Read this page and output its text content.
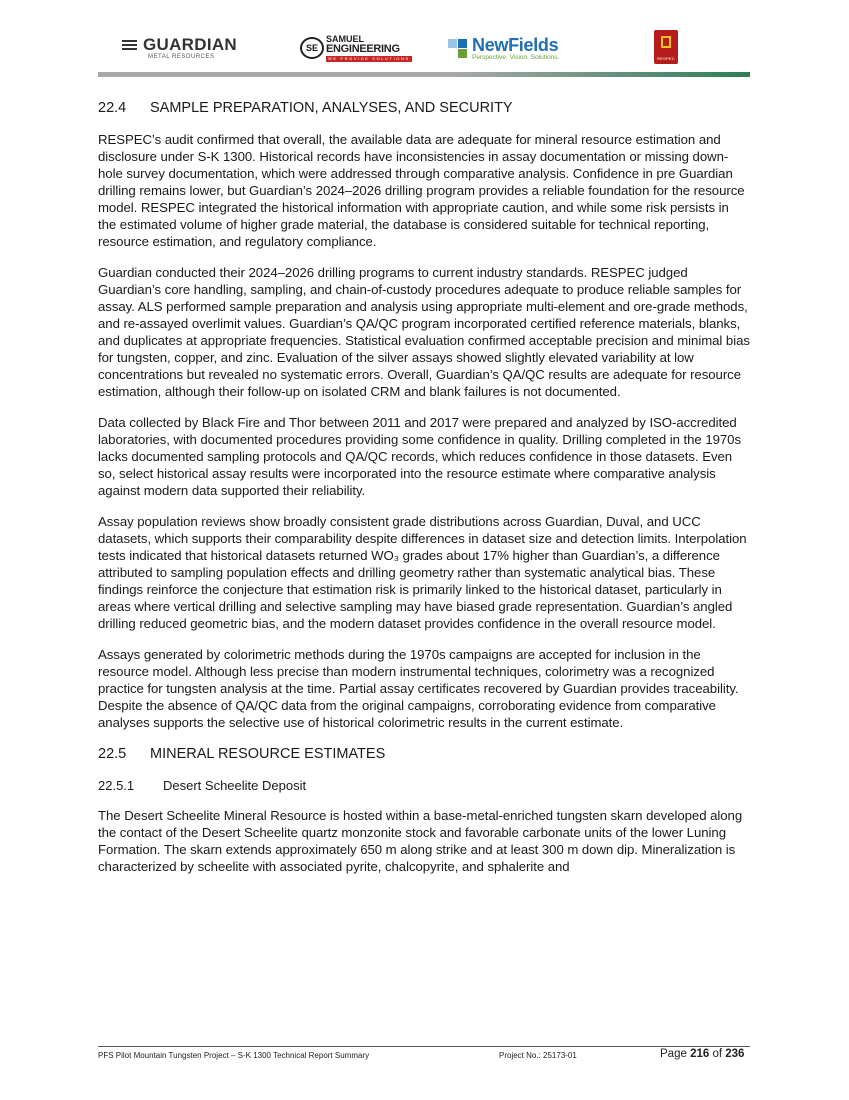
GUARDIAN
METAL RESOURCES
SE
SAMUEL
ENGINEERING
WE PROVIDE SOLUTIONS
NewFields
Perspective. Vision. Solutions.	RESPEC
22.4 SAMPLE PREPARATION, ANALYSES, AND SECURITY

RESPEC’s audit confirmed that overall, the available data are adequate for mineral resource estimation and disclosure under S-K 1300. Historical records have inconsistencies in assay documentation or missing down-hole survey documentation, which were addressed through comparative analysis. Confidence in pre Guardian drilling remains lower, but Guardian’s 2024–2026 drilling program provides a reliable foundation for the resource model. RESPEC integrated the historical information with appropriate caution, and while some risk persists in the estimated volume of higher grade material, the database is considered suitable for technical reporting, resource estimation, and regulatory compliance.

Guardian conducted their 2024–2026 drilling programs to current industry standards. RESPEC judged Guardian’s core handling, sampling, and chain-of-custody procedures adequate to produce reliable samples for assay. ALS performed sample preparation and analysis using appropriate multi-element and ore-grade methods, and re-assayed overlimit values. Guardian’s QA/QC program incorporated certified reference materials, blanks, and duplicates at appropriate frequencies. Statistical evaluation confirmed acceptable precision and minimal bias for tungsten, copper, and zinc. Evaluation of the silver assays showed slightly elevated variability at low concentrations but revealed no systematic errors. Overall, Guardian’s QA/QC results are adequate for resource estimation, although their follow-up on isolated CRM and blank failures is not documented.

Data collected by Black Fire and Thor between 2011 and 2017 were prepared and analyzed by ISO-accredited laboratories, with documented procedures providing some confidence in quality. Drilling completed in the 1970s lacks documented sampling protocols and QA/QC records, which reduces confidence in those datasets. Even so, select historical assay results were incorporated into the resource estimate where comparative analysis against modern data supported their reliability.

Assay population reviews show broadly consistent grade distributions across Guardian, Duval, and UCC datasets, which supports their comparability despite differences in dataset size and detection limits. Interpolation tests indicated that historical datasets returned WO₃ grades about 17% higher than Guardian’s, a difference attributed to sampling population effects and drilling geometry rather than systematic analytical bias. These findings reinforce the conjecture that estimation risk is primarily linked to the historical dataset, particularly in areas where vertical drilling and selective sampling may have biased grade representation. Guardian’s angled drilling reduced geometric bias, and the modern dataset provides confidence in the overall resource model.

Assays generated by colorimetric methods during the 1970s campaigns are accepted for inclusion in the resource model. Although less precise than modern instrumental techniques, colorimetry was a recognized practice for tungsten analysis at the time. Partial assay certificates recovered by Guardian provides traceability. Despite the absence of QA/QC data from the original campaigns, corroborating evidence from comparative analyses supports the selective use of historical colorimetric results in the current estimate.

22.5 MINERAL RESOURCE ESTIMATES
22.5.1 Desert Scheelite Deposit

The Desert Scheelite Mineral Resource is hosted within a base-metal-enriched tungsten skarn developed along the contact of the Desert Scheelite quartz monzonite stock and favorable carbonate units of the lower Luning Formation. The skarn extends approximately 650 m along strike and at least 300 m down dip. Mineralization is characterized by scheelite with associated pyrite, chalcopyrite, and sphalerite and

PFS Pilot Mountain Tungsten Project – S-K 1300 Technical Report Summary	Project No.: 25173-01	Page 216 of 236
